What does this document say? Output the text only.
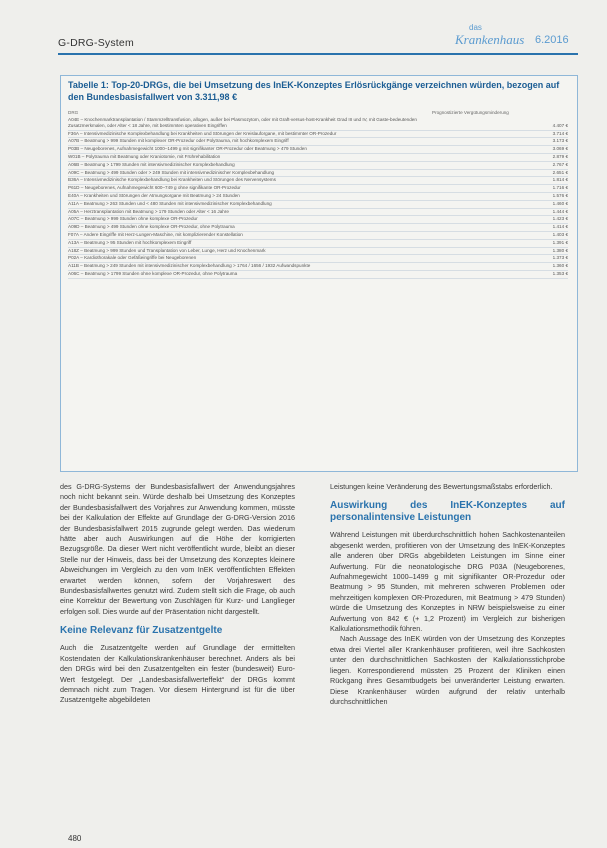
G-DRG-System
das
Krankenhaus 6.2016
Tabelle 1: Top-20-DRGs, die bei Umsetzung des InEK-Konzeptes Erlösrückgänge verzeichnen würden, bezogen auf den Bundesbasisfallwert von 3.311,98 €
DRG	Prognostizierte Vergütungsminderung
A04E – Knochenmarktransplantation / Stammzelltransfusion, allogen, außer bei Plasmozytom, oder mit Graft-versus-host-Krankheit Grad III und IV, mit Gaste-bedeutenden Zusatzmerkmalen, oder Alter < 18 Jahre, mit bestimmten operativen Eingriffen	4.407 €
F36A – Intensivmedizinische Komplexbehandlung bei Krankheiten und Störungen der Kreislauforgane, mit bestimmter OR-Prozedur	3.714 €
A07B – Beatmung > 999 Stunden mit komplexer OR-Prozedur oder Polytrauma, mit hochkomplexem Eingriff	3.173 €
P03B – Neugeborenes, Aufnahmegewicht 1000–1499 g mit signifikanter OR-Prozedur oder Beatmung > 479 Stunden	3.069 €
W01B – Polytrauma mit Beatmung oder Kraniotomie, mit Frührehabilitation	2.879 €
A06B – Beatmung > 1799 Stunden mit intensivmedizinischer Komplexbehandlung	2.767 €
A09C – Beatmung > 499 Stunden oder > 249 Stunden mit intensivmedizinischer Komplexbehandlung	2.651 €
B36A – Intensivmedizinische Komplexbehandlung bei Krankheiten und Störungen des Nervensystems	1.814 €
P61D – Neugeborenes, Aufnahmegewicht 600–749 g ohne signifikante OR-Prozedur	1.716 €
E40A – Krankheiten und Störungen der Atmungsorgane mit Beatmung > 24 Stunden	1.576 €
A11A – Beatmung > 263 Stunden und < 480 Stunden mit intensivmedizinischer Komplexbehandlung	1.460 €
A05A – Herztransplantation mit Beatmung > 179 Stunden oder Alter < 16 Jahre	1.444 €
A07C – Beatmung > 999 Stunden ohne komplexe OR-Prozedur	1.423 €
A09D – Beatmung > 499 Stunden ohne komplexe OR-Prozedur, ohne Polytrauma	1.414 €
F07A – Andere Eingriffe mit Herz-Lungen-Maschine, mit komplizierender Konstellation	1.403 €
A13A – Beatmung > 95 Stunden mit hochkomplexem Eingriff	1.391 €
A18Z – Beatmung > 999 Stunden und Transplantation von Leber, Lunge, Herz und Knochenmark	1.380 €
P02A – Kardiothorakale oder Gefäßeingriffe bei Neugeborenen	1.373 €
A11B – Beatmung > 249 Stunden mit intensivmedizinischer Komplexbehandlung > 1764 / 1656 / 1932 Aufwandspunkte	1.360 €
A06C – Beatmung > 1799 Stunden ohne komplexe OR-Prozedur, ohne Polytrauma	1.353 €

des G-DRG-Systems der Bundesbasisfallwert der Anwendungsjahres noch nicht bekannt sein. Würde deshalb bei Umsetzung des Konzeptes der Bundesbasisfallwert des Vorjahres zur Anwendung kommen, müsste bei der Kalkulation der Effekte auf Grundlage der G-DRG-Version 2016 der Bundesbasisfallwert 2015 zugrunde gelegt werden. Das wiederum hätte aber auch Auswirkungen auf die Höhe der korrigierten Bezugsgröße. Da dieser Wert nicht veröffentlicht wurde, bleibt an dieser Stelle nur der Hinweis, dass bei der Umsetzung des Konzeptes kleinere Abweichungen im Vergleich zu den vom InEK veröffentlichten Effekten erwartet werden können, sofern der Vorjahreswert des Bundesbasisfallwertes genutzt wird. Zudem stellt sich die Frage, ob auch eine Korrektur der Bewertung von Zuschlägen für Kurz- und Langlieger erfolgen soll. Dies wurde auf der Präsentation nicht dargestellt.

Keine Relevanz für Zusatzentgelte

Auch die Zusatzentgelte werden auf Grundlage der ermittelten Kostendaten der Kalkulationskrankenhäuser berechnet. Anders als bei den DRGs wird bei den Zusatzentgelten ein fester (bundesweit) Euro-Wert festgelegt. Der „Landesbasisfallwerteffekt“ der DRGs kommt demnach nicht zum Tragen. Vor diesem Hintergrund ist für die über Zusatzentgelte abgebildeten

Leistungen keine Veränderung des Bewertungsmaßstabs erforderlich.

Auswirkung des InEK-Konzeptes auf personalintensive Leistungen

Während Leistungen mit überdurchschnittlich hohen Sachkostenanteilen abgesenkt werden, profitieren von der Umsetzung des InEK-Konzeptes alle anderen über DRGs abgebildeten Leistungen im Sinne einer Aufwertung. Für die neonatologische DRG P03A (Neugeborenes, Aufnahmegewicht 1000–1499 g mit signifikanter OR-Prozedur oder Beatmung > 95 Stunden, mit mehreren schweren Problemen oder mehrzeitigen komplexen OR-Prozeduren, mit Beatmung > 479 Stunden) würde die Umsetzung des Konzeptes in NRW beispielsweise zu einer Aufwertung von 842 € (+ 1,2 Prozent) im Vergleich zur bisherigen Kalkulationsmethodik führen.

Nach Aussage des InEK würden von der Umsetzung des Konzeptes etwa drei Viertel aller Krankenhäuser profitieren, weil ihre Sachkosten unter den durchschnittlichen Sachkosten der Kalkulationsstichprobe liegen. Korrespondierend müssten 25 Prozent der Kliniken einen Rückgang ihres Gesamtbudgets bei unveränderter Leistung erwarten. Diese Krankenhäuser würden aufgrund der relativ unterhalb durchschnittlichen

480
